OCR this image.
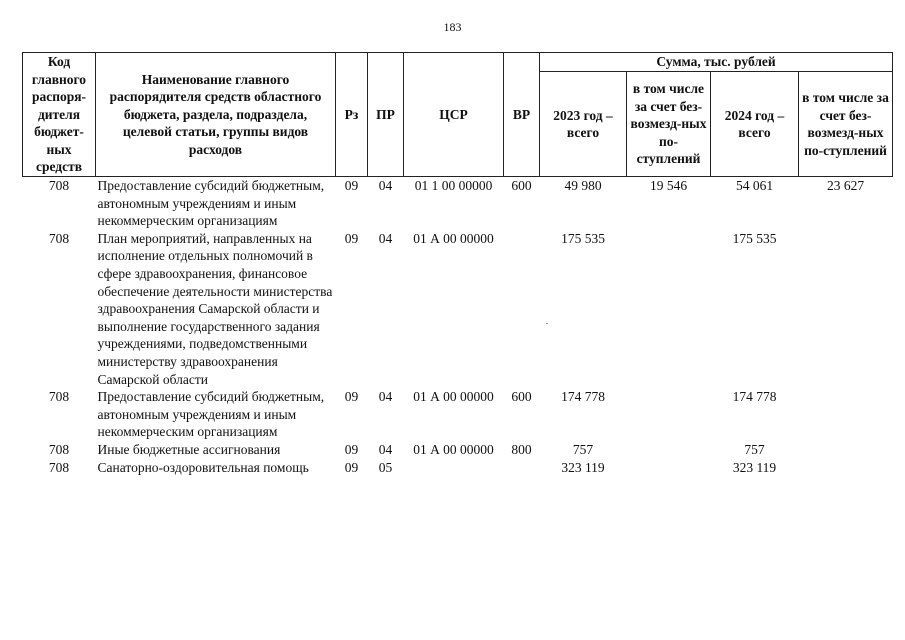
183
Код главного распоря-дителя бюджет-ных средств	Наименование главного распорядителя средств областного бюджета, раздела, подраздела, целевой статьи, группы видов расходов	Рз	ПР	ЦСР	ВР	Сумма, тыс. рублей			
						2023 год – всего	в том числе за счет без-возмезд-ных по-ступлений	2024 год – всего	в том числе за счет без-возмезд-ных по-ступлений
708	Предоставление субсидий бюджетным, автономным учреждениям и иным некоммерческим организациям	09	04	01 1 00 00000	600	49 980	19 546	54 061	23 627
708	План мероприятий, направленных на исполнение отдельных полномочий в сфере здравоохранения, финансовое обеспечение деятельности министерства здравоохранения Самарской области и выполнение государственного задания учреждениями, подведомственными министерству здравоохранения Самарской области	09	04	01 А 00 00000		175 535		175 535	
708	Предоставление субсидий бюджетным, автономным учреждениям и иным некоммерческим организациям	09	04	01 А 00 00000	600	174 778		174 778	
708	Иные бюджетные ассигнования	09	04	01 А 00 00000	800	757		757	
708	Санаторно-оздоровительная помощь	09	05			323 119		323 119	
